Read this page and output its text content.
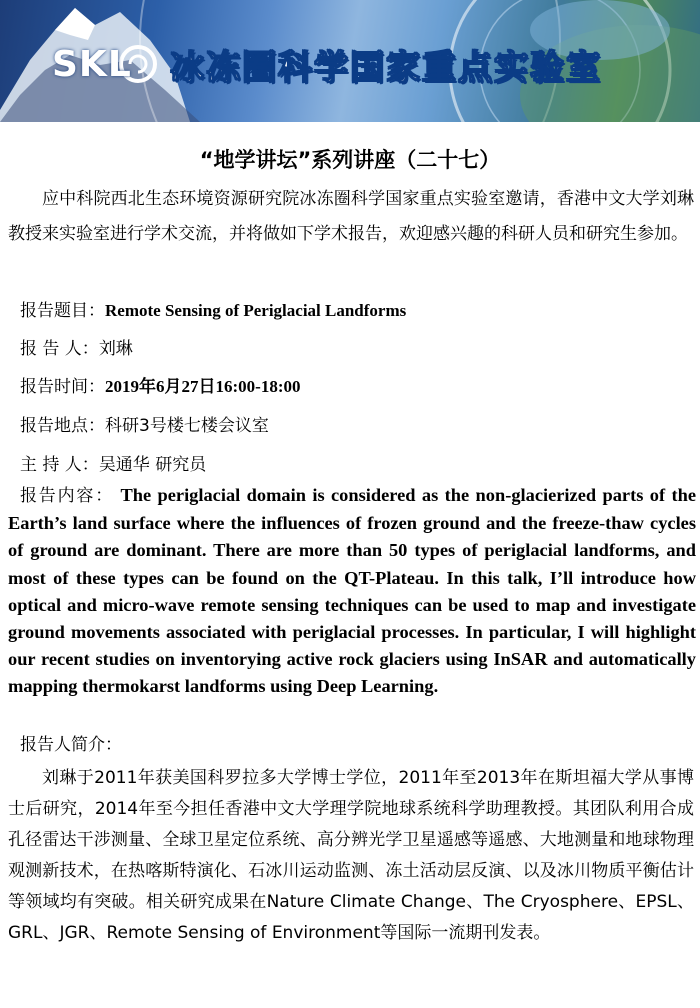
SKL 冰冻圈科学国家重点实验室
“地学讲坛”系列讲座（二十七）
应中科院西北生态环境资源研究院冰冻圈科学国家重点实验室邀请，香港中文大学刘琳教授来实验室进行学术交流，并将做如下学术报告，欢迎感兴趣的科研人员和研究生参加。
报告题目：Remote Sensing of Periglacial Landforms
报 告 人：刘琳
报告时间：2019年6月27日16:00-18:00
报告地点：科研3号楼七楼会议室
主 持 人：吴通华 研究员
报告内容： The periglacial domain is considered as the non-glacierized parts of the Earth’s land surface where the influences of frozen ground and the freeze-thaw cycles of ground are dominant. There are more than 50 types of periglacial landforms, and most of these types can be found on the QT-Plateau. In this talk, I’ll introduce how optical and micro-wave remote sensing techniques can be used to map and investigate ground movements associated with periglacial processes. In particular, I will highlight our recent studies on inventorying active rock glaciers using InSAR and automatically mapping thermokarst landforms using Deep Learning.
报告人简介：
刘琳于2011年获美国科罗拉多大学博士学位，2011年至2013年在斯坦福大学从事博士后研究，2014年至今担任香港中文大学理学院地球系统科学助理教授。其团队利用合成孔径雷达干涉测量、全球卫星定位系统、高分辨光学卫星遥感等遥感、大地测量和地球物理观测新技术，在热喀斯特演化、石冰川运动监测、冻土活动层反演、以及冰川物质平衡估计等领域均有突破。相关研究成果在Nature Climate Change、The Cryosphere、EPSL、GRL、JGR、Remote Sensing of Environment等国际一流期刊发表。
